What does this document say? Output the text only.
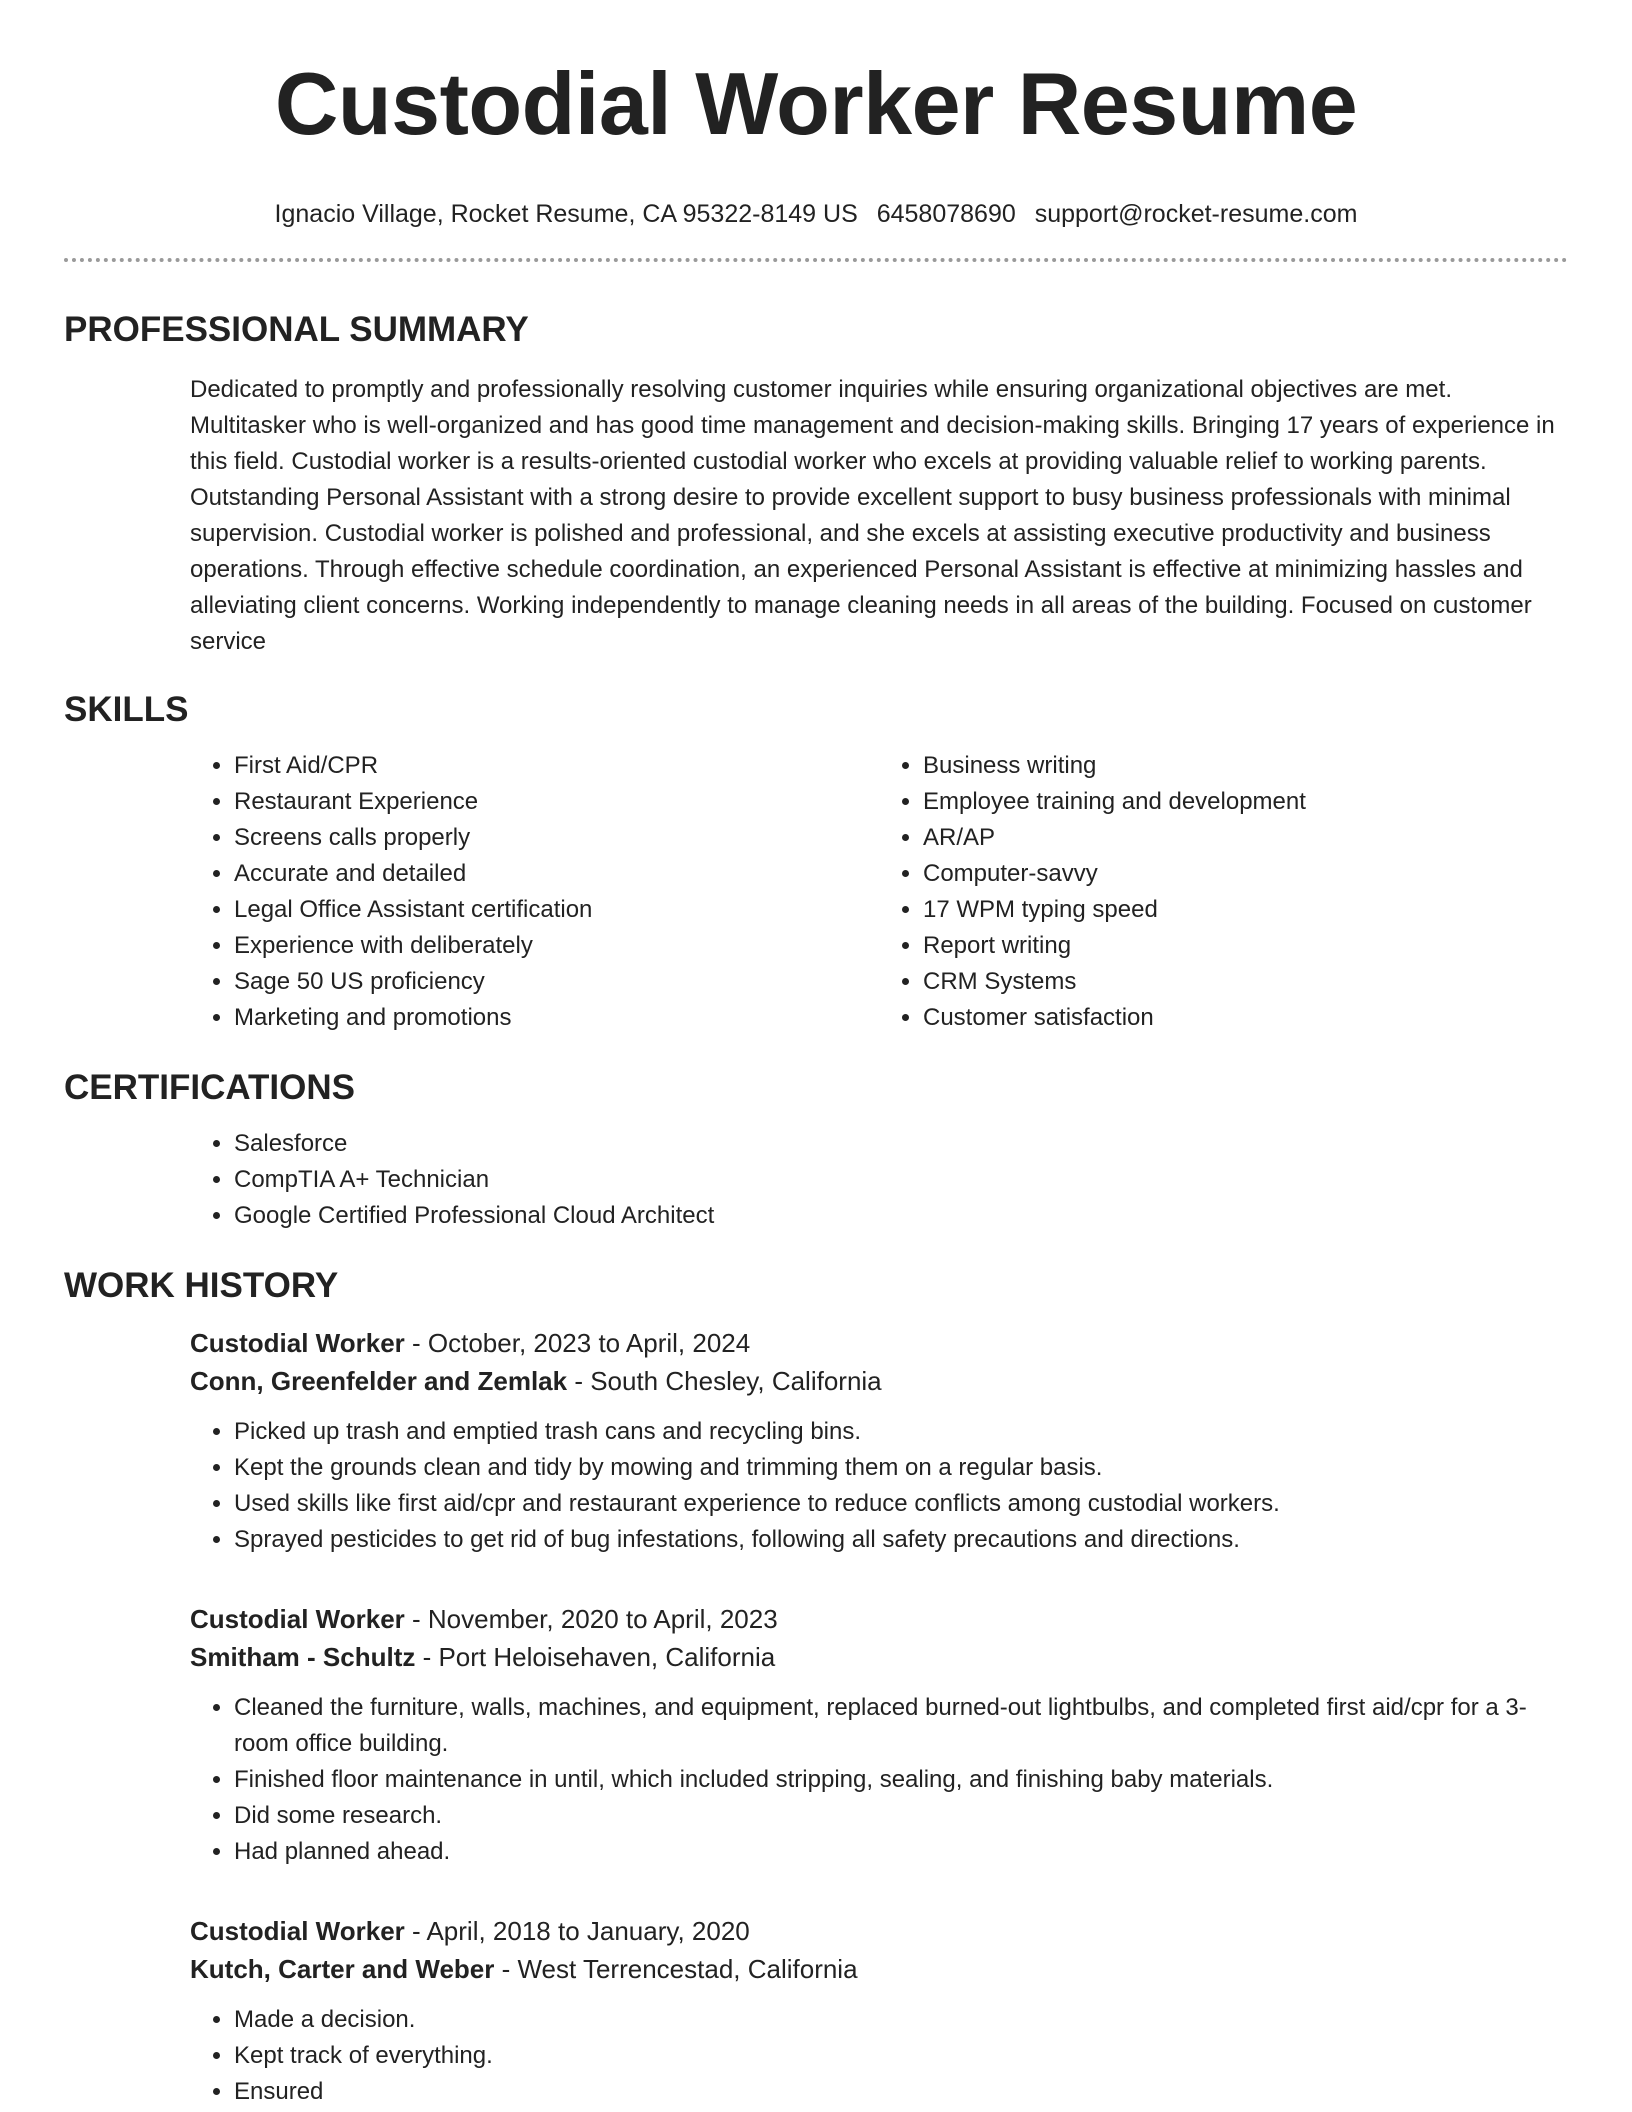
Custodial Worker Resume
Ignacio Village, Rocket Resume, CA 95322-8149 US 6458078690 support@rocket-resume.com
PROFESSIONAL SUMMARY

Dedicated to promptly and professionally resolving customer inquiries while ensuring organizational objectives are met. Multitasker who is well-organized and has good time management and decision-making skills. Bringing 17 years of experience in this field. Custodial worker is a results-oriented custodial worker who excels at providing valuable relief to working parents. Outstanding Personal Assistant with a strong desire to provide excellent support to busy business professionals with minimal supervision. Custodial worker is polished and professional, and she excels at assisting executive productivity and business operations. Through effective schedule coordination, an experienced Personal Assistant is effective at minimizing hassles and alleviating client concerns. Working independently to manage cleaning needs in all areas of the building. Focused on customer service

SKILLS
• First Aid/CPR
• Restaurant Experience
• Screens calls properly
• Accurate and detailed
• Legal Office Assistant certification
• Experience with deliberately
• Sage 50 US proficiency
• Marketing and promotions
• Business writing
• Employee training and development
• AR/AP
• Computer-savvy
• 17 WPM typing speed
• Report writing
• CRM Systems
• Customer satisfaction
CERTIFICATIONS
• Salesforce
• CompTIA A+ Technician
• Google Certified Professional Cloud Architect
WORK HISTORY
Custodial Worker - October, 2023 to April, 2024
Conn, Greenfelder and Zemlak - South Chesley, California
• Picked up trash and emptied trash cans and recycling bins.
• Kept the grounds clean and tidy by mowing and trimming them on a regular basis.
• Used skills like first aid/cpr and restaurant experience to reduce conflicts among custodial workers.
• Sprayed pesticides to get rid of bug infestations, following all safety precautions and directions.
Custodial Worker - November, 2020 to April, 2023
Smitham - Schultz - Port Heloisehaven, California
• Cleaned the furniture, walls, machines, and equipment, replaced burned-out lightbulbs, and completed first aid/cpr for a 3-room office building.
• Finished floor maintenance in until, which included stripping, sealing, and finishing baby materials.
• Did some research.
• Had planned ahead.
Custodial Worker - April, 2018 to January, 2020
Kutch, Carter and Weber - West Terrencestad, California
• Made a decision.
• Kept track of everything.
• Ensured
